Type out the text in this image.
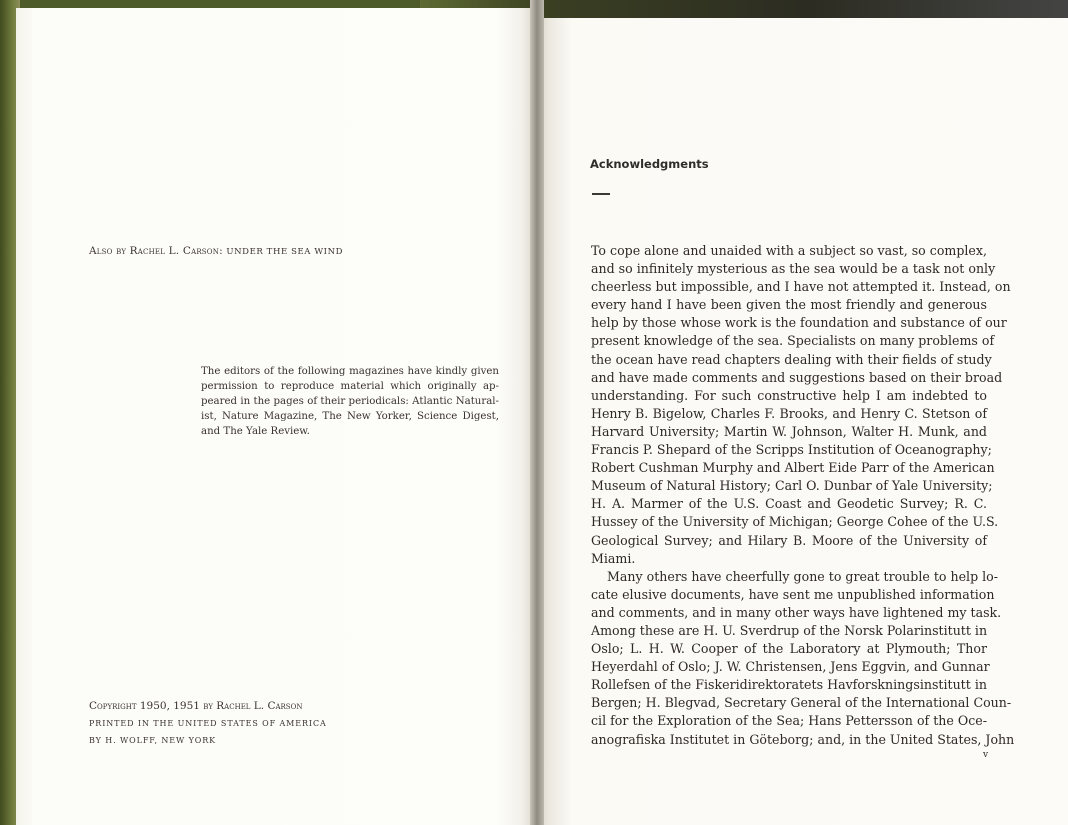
Also by Rachel L. Carson: UNDER THE SEA WIND
The editors of the following magazines have kindly given
permission to reproduce material which originally ap-
peared in the pages of their periodicals: Atlantic Natural-
ist, Nature Magazine, The New Yorker, Science Digest,
and The Yale Review.
Copyright 1950, 1951 by Rachel L. Carson
PRINTED IN THE UNITED STATES OF AMERICA
BY H. WOLFF, NEW YORK
Acknowledgments
To cope alone and unaided with a subject so vast, so complex,
and so infinitely mysterious as the sea would be a task not only
cheerless but impossible, and I have not attempted it. Instead, on
every hand I have been given the most friendly and generous
help by those whose work is the foundation and substance of our
present knowledge of the sea. Specialists on many problems of
the ocean have read chapters dealing with their fields of study
and have made comments and suggestions based on their broad
understanding. For such constructive help I am indebted to
Henry B. Bigelow, Charles F. Brooks, and Henry C. Stetson of
Harvard University; Martin W. Johnson, Walter H. Munk, and
Francis P. Shepard of the Scripps Institution of Oceanography;
Robert Cushman Murphy and Albert Eide Parr of the American
Museum of Natural History; Carl O. Dunbar of Yale University;
H. A. Marmer of the U.S. Coast and Geodetic Survey; R. C.
Hussey of the University of Michigan; George Cohee of the U.S.
Geological Survey; and Hilary B. Moore of the University of
Miami.
Many others have cheerfully gone to great trouble to help lo-
cate elusive documents, have sent me unpublished information
and comments, and in many other ways have lightened my task.
Among these are H. U. Sverdrup of the Norsk Polarinstitutt in
Oslo; L. H. W. Cooper of the Laboratory at Plymouth; Thor
Heyerdahl of Oslo; J. W. Christensen, Jens Eggvin, and Gunnar
Rollefsen of the Fiskeridirektoratets Havforskningsinstitutt in
Bergen; H. Blegvad, Secretary General of the International Coun-
cil for the Exploration of the Sea; Hans Pettersson of the Oce-
anografiska Institutet in Göteborg; and, in the United States, John
v
